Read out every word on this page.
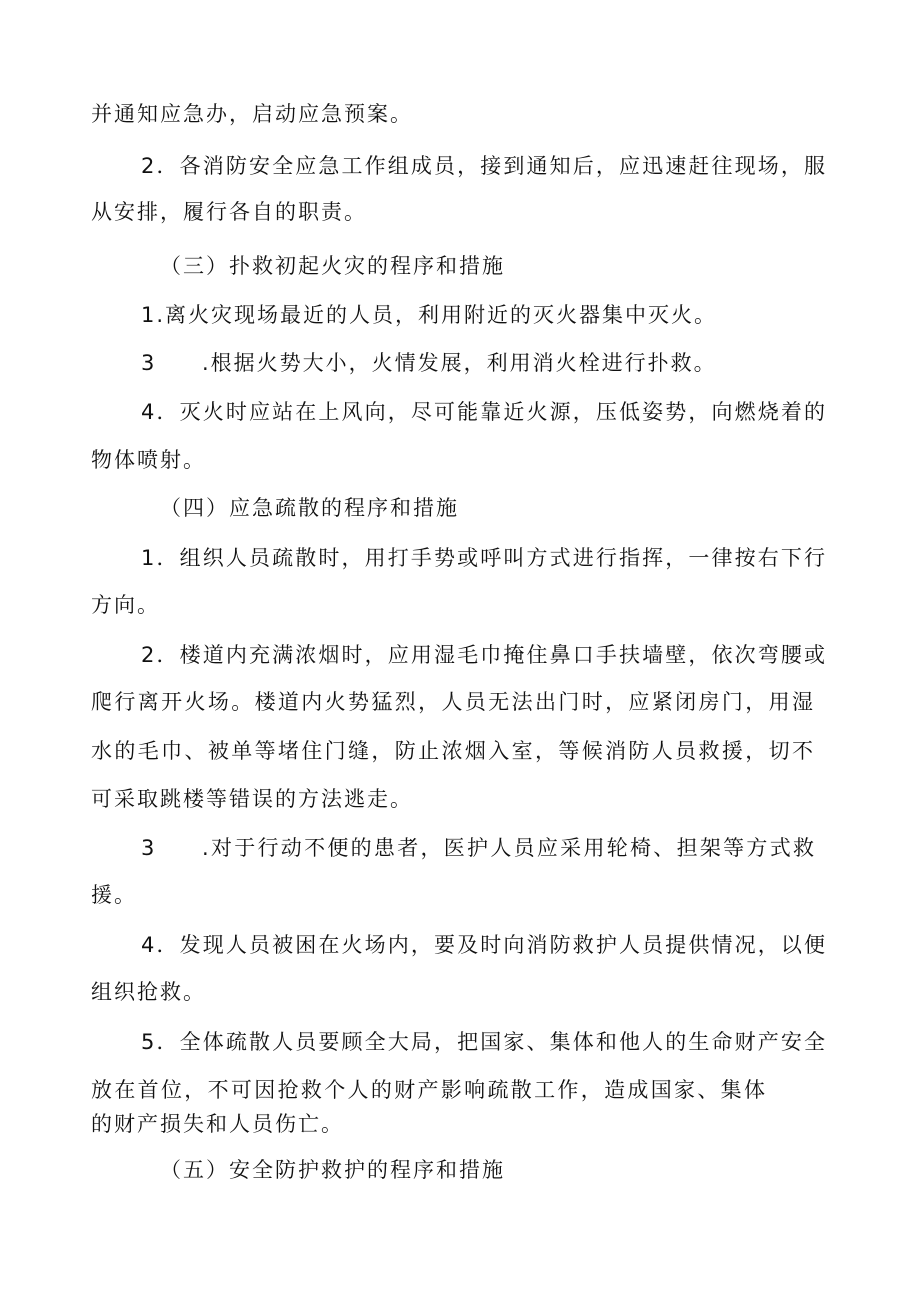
并通知应急办，启动应急预案。
2．各消防安全应急工作组成员，接到通知后，应迅速赶往现场，服
从安排，履行各自的职责。
（三）扑救初起火灾的程序和措施
1.离火灾现场最近的人员，利用附近的灭火器集中灭火。
3 .根据火势大小，火情发展，利用消火栓进行扑救。
4．灭火时应站在上风向，尽可能靠近火源，压低姿势，向燃烧着的
物体喷射。
（四）应急疏散的程序和措施
1．组织人员疏散时，用打手势或呼叫方式进行指挥，一律按右下行
方向。
2．楼道内充满浓烟时，应用湿毛巾掩住鼻口手扶墙壁，依次弯腰或
爬行离开火场。楼道内火势猛烈，人员无法出门时，应紧闭房门，用湿
水的毛巾、被单等堵住门缝，防止浓烟入室，等候消防人员救援，切不
可采取跳楼等错误的方法逃走。
3 .对于行动不便的患者，医护人员应采用轮椅、担架等方式救
援。
4．发现人员被困在火场内，要及时向消防救护人员提供情况，以便
组织抢救。
5．全体疏散人员要顾全大局，把国家、集体和他人的生命财产安全
放在首位，不可因抢救个人的财产影响疏散工作，造成国家、集体
的财产损失和人员伤亡。
（五）安全防护救护的程序和措施
